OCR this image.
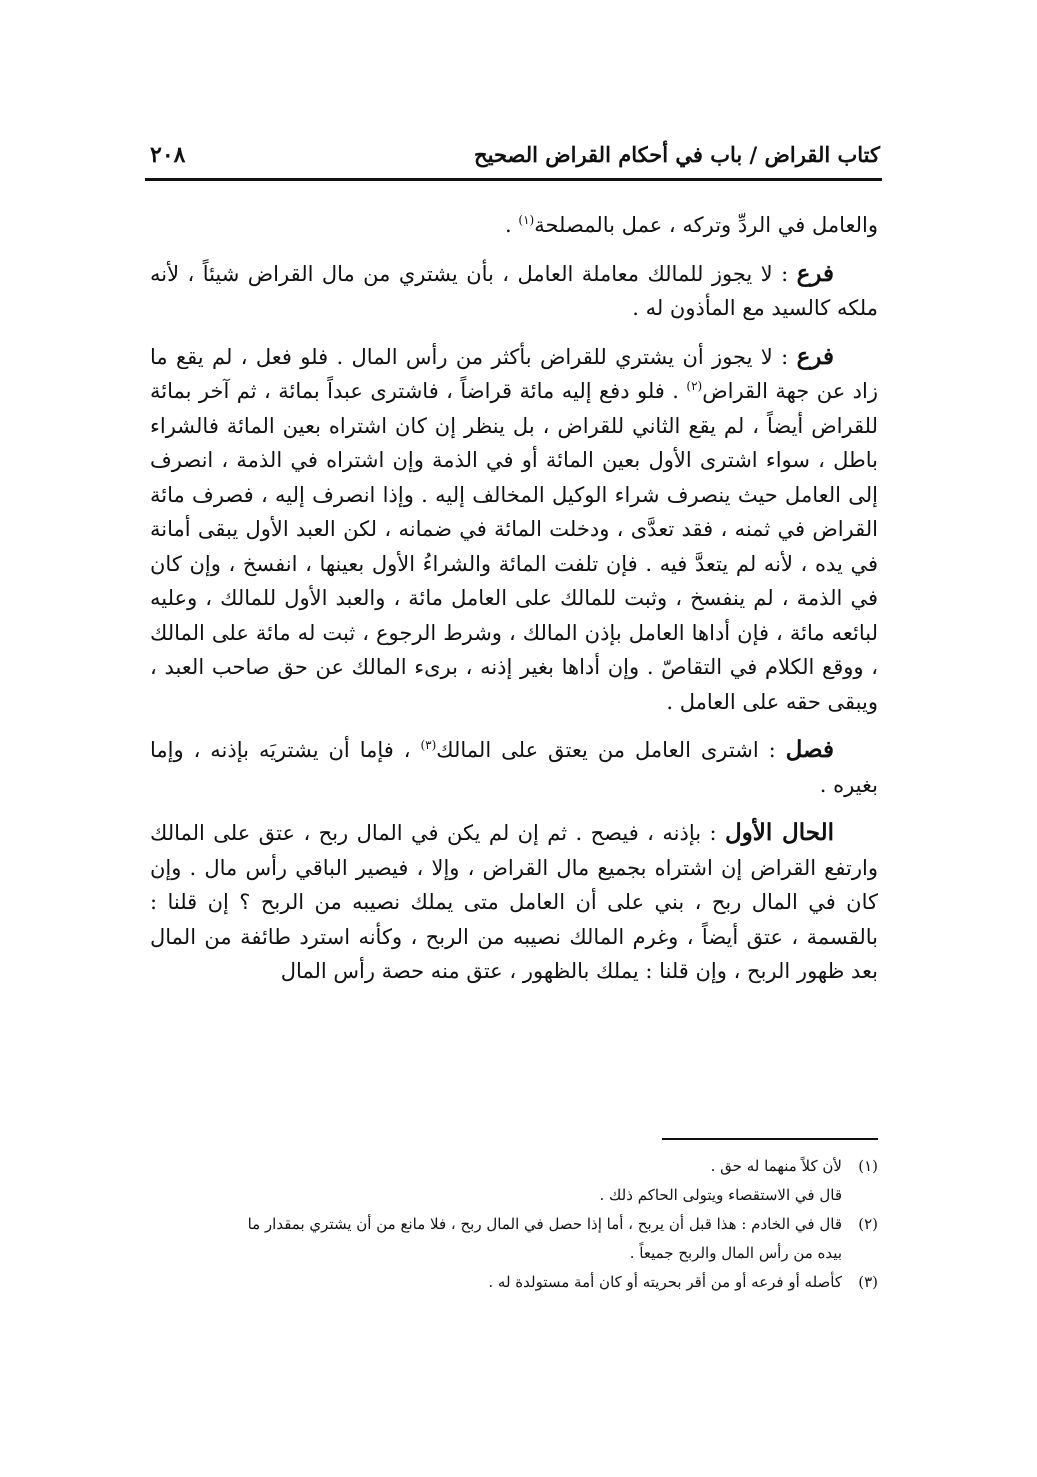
كتاب القراض / باب في أحكام القراض الصحيح
٢٠٨

والعامل في الردِّ وتركه ، عمل بالمصلحة$^{(١)}$ .

فرع : لا يجوز للمالك معاملة العامل ، بأن يشتري من مال القراض شيئاً ، لأنه ملكه كالسيد مع المأذون له .

فرع : لا يجوز أن يشتري للقراض بأكثر من رأس المال . فلو فعل ، لم يقع ما زاد عن جهة القراض$^{(٢)}$ . فلو دفع إليه مائة قراضاً ، فاشترى عبداً بمائة ، ثم آخر بمائة للقراض أيضاً ، لم يقع الثاني للقراض ، بل ينظر إن كان اشتراه بعين المائة فالشراء باطل ، سواء اشترى الأول بعين المائة أو في الذمة وإن اشتراه في الذمة ، انصرف إلى العامل حيث ينصرف شراء الوكيل المخالف إليه . وإذا انصرف إليه ، فصرف مائة القراض في ثمنه ، فقد تعدَّى ، ودخلت المائة في ضمانه ، لكن العبد الأول يبقى أمانة في يده ، لأنه لم يتعدَّ فيه . فإن تلفت المائة والشراءُ الأول بعينها ، انفسخ ، وإن كان في الذمة ، لم ينفسخ ، وثبت للمالك على العامل مائة ، والعبد الأول للمالك ، وعليه لبائعه مائة ، فإن أداها العامل بإذن المالك ، وشرط الرجوع ، ثبت له مائة على المالك ، ووقع الكلام في التقاصّ . وإن أداها بغير إذنه ، برىء المالك عن حق صاحب العبد ، ويبقى حقه على العامل .

فصل : اشترى العامل من يعتق على المالك$^{(٣)}$ ، فإما أن يشتريَه بإذنه ، وإما بغيره .

الحال الأول : بإذنه ، فيصح . ثم إن لم يكن في المال ربح ، عتق على المالك وارتفع القراض إن اشتراه بجميع مال القراض ، وإلا ، فيصير الباقي رأس مال . وإن كان في المال ربح ، بني على أن العامل متى يملك نصيبه من الربح ؟ إن قلنا : بالقسمة ، عتق أيضاً ، وغرم المالك نصيبه من الربح ، وكأنه استرد طائفة من المال بعد ظهور الربح ، وإن قلنا : يملك بالظهور ، عتق منه حصة رأس المال

(١)
لأن كلاً منهما له حق .
قال في الاستقصاء ويتولى الحاكم ذلك .
(٢)
قال في الخادم : هذا قبل أن يربح ، أما إذا حصل في المال ربح ، فلا مانع من أن يشتري بمقدار ما
بيده من رأس المال والربح جميعاً .
(٣)
كأصله أو فرعه أو من أقر بحريته أو كان أمة مستولدة له .
